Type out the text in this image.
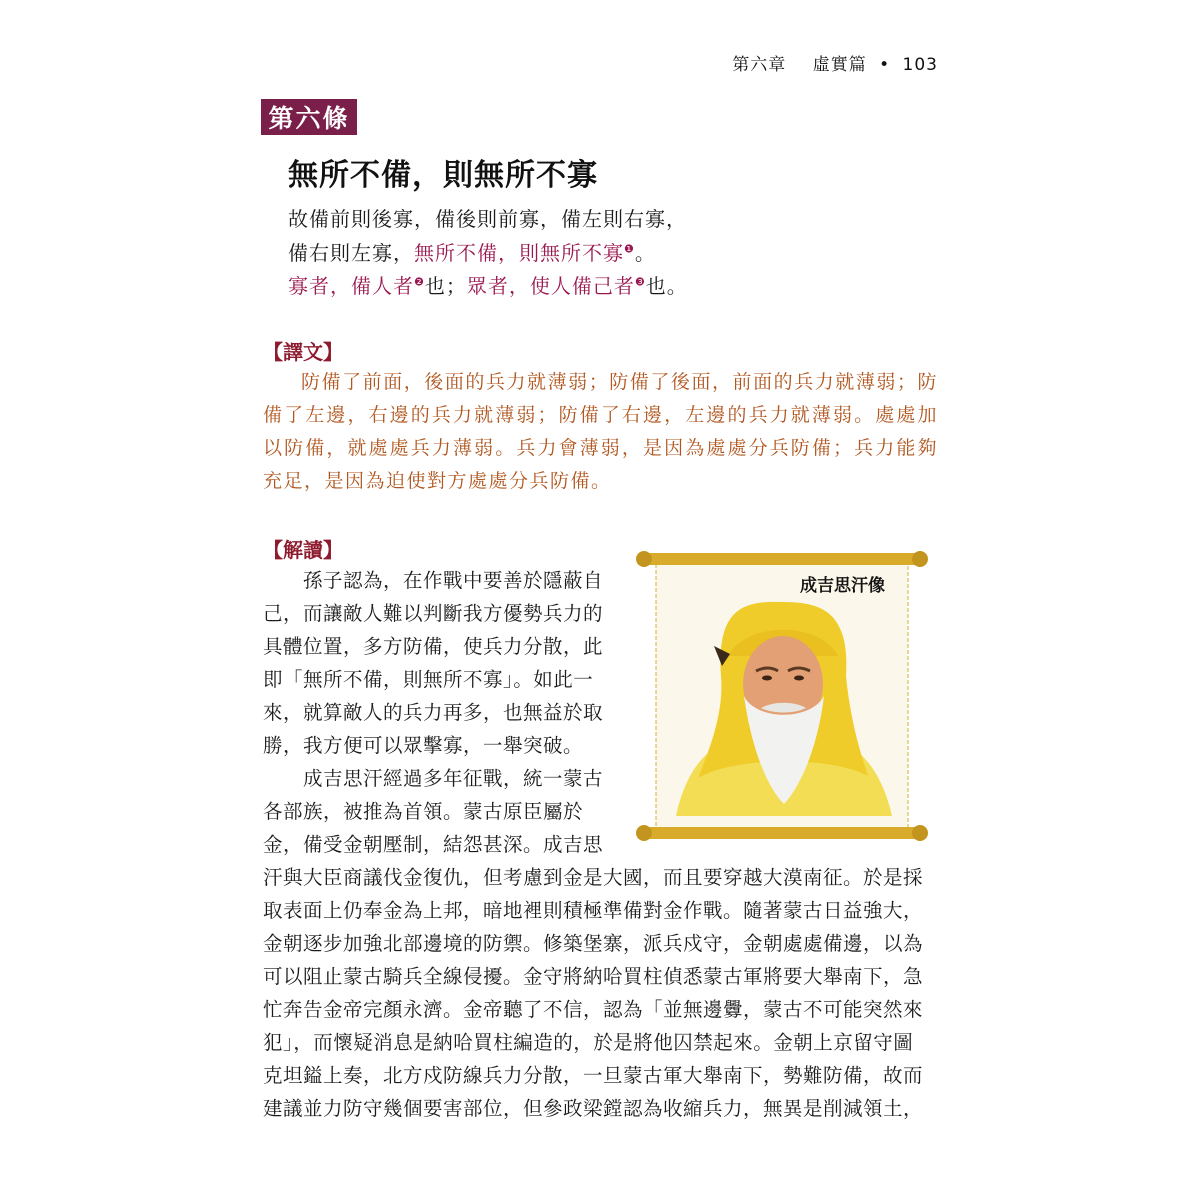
第六章 虛實篇 • 103
第六條
無所不備，則無所不寡
故備前則後寡，備後則前寡，備左則右寡，
備右則左寡，無所不備，則無所不寡$^❶$。
寡者，備人者$^❷$也；眾者，使人備己者$^❸$也。
【譯文】

防備了前面，後面的兵力就薄弱；防備了後面，前面的兵力就薄弱；防備了左邊，右邊的兵力就薄弱；防備了右邊，左邊的兵力就薄弱。處處加以防備，就處處兵力薄弱。兵力會薄弱，是因為處處分兵防備；兵力能夠充足，是因為迫使對方處處分兵防備。

【解讀】

　　孫子認為，在作戰中要善於隱蔽自

己，而讓敵人難以判斷我方優勢兵力的

具體位置，多方防備，使兵力分散，此

即「無所不備，則無所不寡」。如此一

來，就算敵人的兵力再多，也無益於取

勝，我方便可以眾擊寡，一舉突破。

　　成吉思汗經過多年征戰，統一蒙古

各部族，被推為首領。蒙古原臣屬於

金，備受金朝壓制，結怨甚深。成吉思

汗與大臣商議伐金復仇，但考慮到金是大國，而且要穿越大漠南征。於是採

取表面上仍奉金為上邦，暗地裡則積極準備對金作戰。隨著蒙古日益強大，

金朝逐步加強北部邊境的防禦。修築堡寨，派兵戍守，金朝處處備邊，以為

可以阻止蒙古騎兵全線侵擾。金守將納哈買柱偵悉蒙古軍將要大舉南下，急

忙奔告金帝完顏永濟。金帝聽了不信，認為「並無邊釁，蒙古不可能突然來

犯」，而懷疑消息是納哈買柱編造的，於是將他囚禁起來。金朝上京留守圖

克坦鎰上奏，北方戍防線兵力分散，一旦蒙古軍大舉南下，勢難防備，故而

建議並力防守幾個要害部位，但參政梁鏜認為收縮兵力，無異是削減領土，

成吉思汗像
